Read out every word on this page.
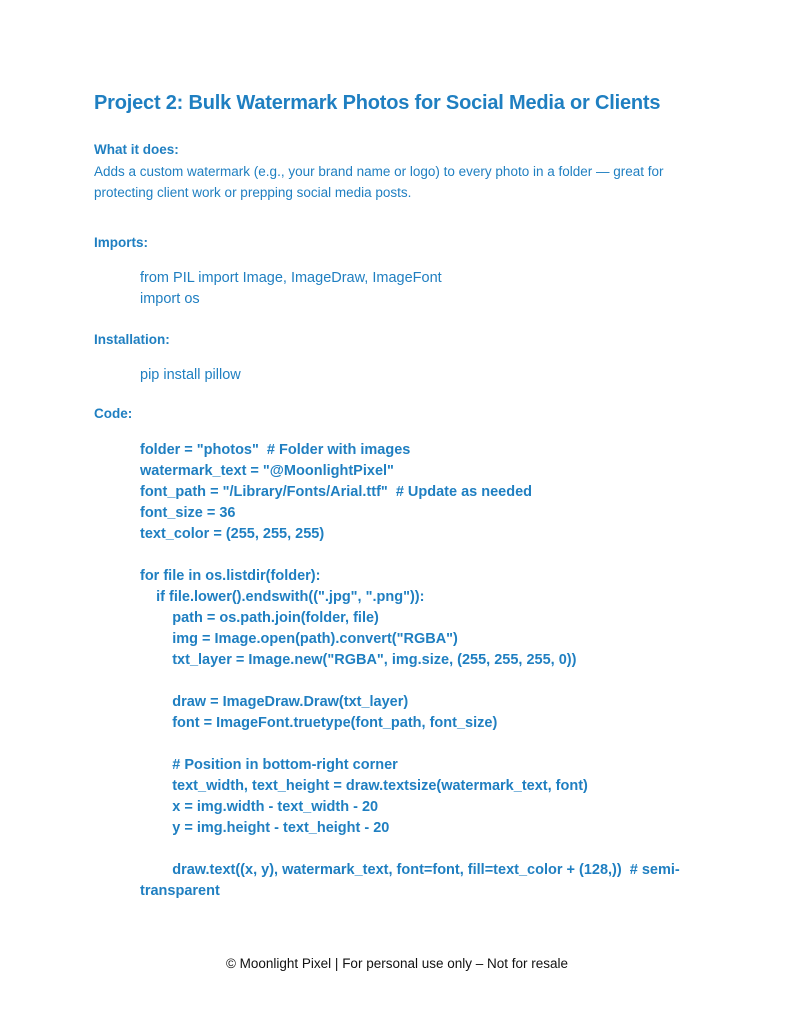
Project 2: Bulk Watermark Photos for Social Media or Clients

What it does:

Adds a custom watermark (e.g., your brand name or logo) to every photo in a folder — great for protecting client work or prepping social media posts.

Imports:

from PIL import Image, ImageDraw, ImageFont

import os

Installation:

pip install pillow

Code:

folder = "photos"  # Folder with images
watermark_text = "@MoonlightPixel"
font_path = "/Library/Fonts/Arial.ttf"  # Update as needed
font_size = 36
text_color = (255, 255, 255)
for file in os.listdir(folder):
if file.lower().endswith((".jpg", ".png")):
path = os.path.join(folder, file)
img = Image.open(path).convert("RGBA")
txt_layer = Image.new("RGBA", img.size, (255, 255, 255, 0))
draw = ImageDraw.Draw(txt_layer)
font = ImageFont.truetype(font_path, font_size)
# Position in bottom-right corner
text_width, text_height = draw.textsize(watermark_text, font)
x = img.width - text_width - 20
y = img.height - text_height - 20
draw.text((x, y), watermark_text, font=font, fill=text_color + (128,))  # semi-
transparent

© Moonlight Pixel | For personal use only – Not for resale
